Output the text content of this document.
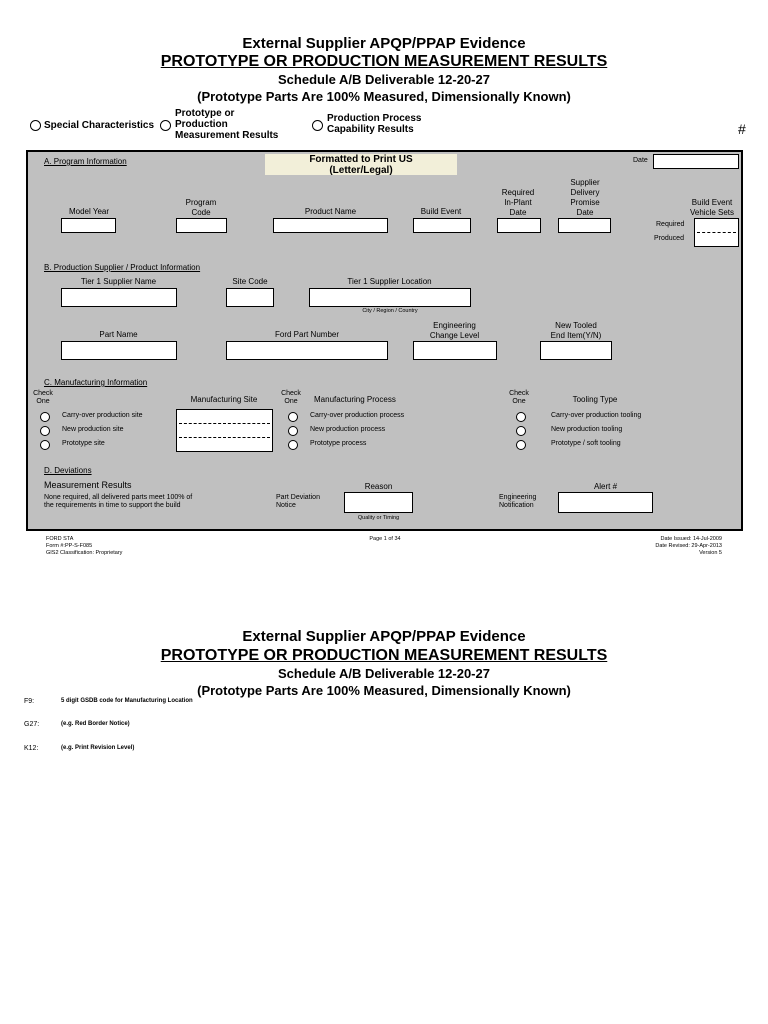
External Supplier APQP/PPAP Evidence
PROTOTYPE OR PRODUCTION MEASUREMENT RESULTS
Schedule A/B Deliverable 12-20-27
(Prototype Parts Are 100% Measured, Dimensionally Known)
Special Characteristics
Prototype or
Production
Measurement Results
Production Process
Capability Results	#
Formatted to Print US
(Letter/Legal)
Date
A. Program Information
Model Year
Program
Code	Product Name	Build Event
Required
In-Plant
Date
Supplier
Delivery
Promise
Date
Build Event
Vehicle Sets
Required
Produced
B. Production Supplier / Product Information
Tier 1 Supplier Name	Site Code	Tier 1 Supplier Location
City / Region / Country
Part Name	Ford Part Number
Engineering
Change Level
New Tooled
End Item(Y/N)
C. Manufacturing Information
Check
One	Manufacturing Site
Check
One	Manufacturing Process
Check
One	Tooling Type
Carry-over production site
New production site
Prototype site
Carry-over production process
New production process
Prototype process
Carry-over production tooling
New production tooling
Prototype / soft tooling
D. Deviations
Measurement Results
None required, all delivered parts meet 100% of
the requirements in time to support the build
Reason
Part Deviation
Notice
Quality or Timing
Alert #
Engineering
Notification
FORD STA
Form #:PP-S-F085
GIS2 Classification: Proprietary
Page 1 of 34	Date Issued: 14-Jul-2009
Date Revised: 29-Apr-2013
Version 5
External Supplier APQP/PPAP Evidence
PROTOTYPE OR PRODUCTION MEASUREMENT RESULTS
Schedule A/B Deliverable 12-20-27
(Prototype Parts Are 100% Measured, Dimensionally Known)
F9:	5 digit GSDB code for Manufacturing Location
G27:	(e.g. Red Border Notice)
K12:	(e.g. Print Revision Level)
